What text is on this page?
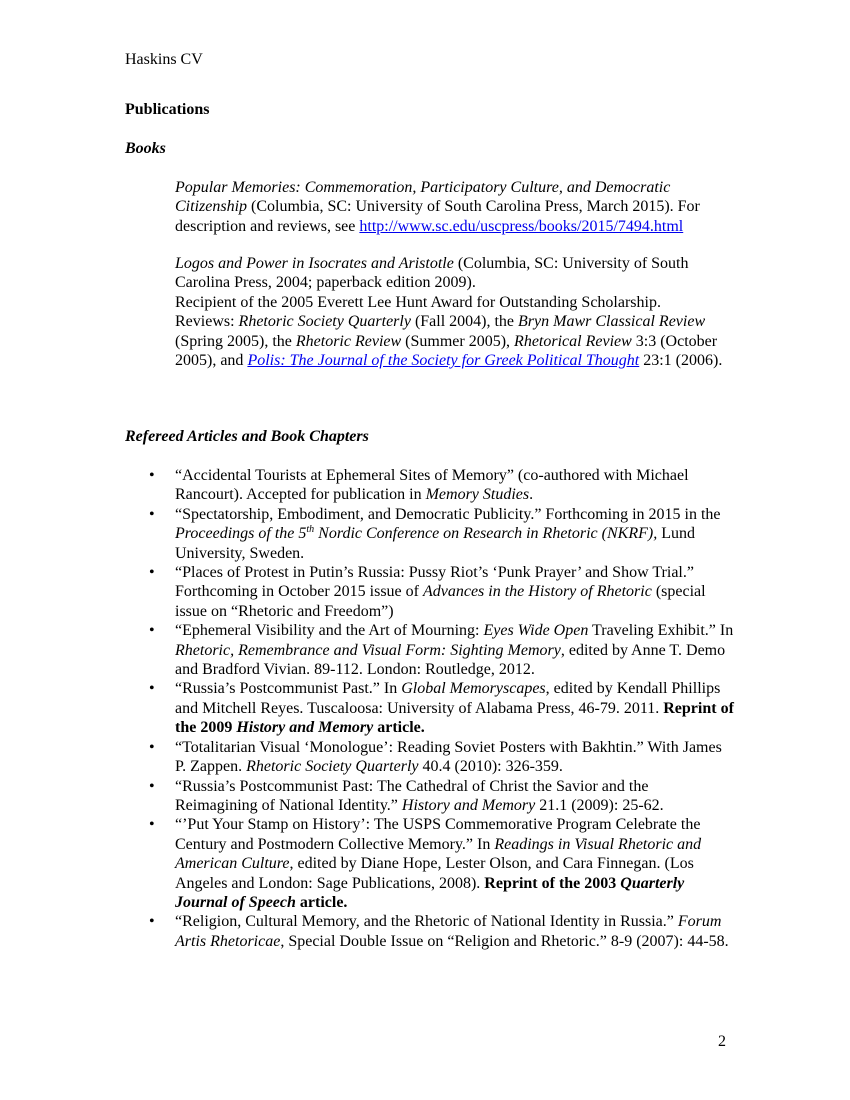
Haskins CV
Publications
Books
Popular Memories: Commemoration, Participatory Culture, and Democratic Citizenship (Columbia, SC: University of South Carolina Press, March 2015). For description and reviews, see http://www.sc.edu/uscpress/books/2015/7494.html
Logos and Power in Isocrates and Aristotle (Columbia, SC: University of South Carolina Press, 2004; paperback edition 2009).
Recipient of the 2005 Everett Lee Hunt Award for Outstanding Scholarship.
Reviews: Rhetoric Society Quarterly (Fall 2004), the Bryn Mawr Classical Review (Spring 2005), the Rhetoric Review (Summer 2005), Rhetorical Review 3:3 (October 2005), and Polis: The Journal of the Society for Greek Political Thought 23:1 (2006).
Refereed Articles and Book Chapters
• “Accidental Tourists at Ephemeral Sites of Memory” (co-authored with Michael Rancourt). Accepted for publication in Memory Studies.
• “Spectatorship, Embodiment, and Democratic Publicity.” Forthcoming in 2015 in the Proceedings of the 5th Nordic Conference on Research in Rhetoric (NKRF), Lund University, Sweden.
• “Places of Protest in Putin’s Russia: Pussy Riot’s ‘Punk Prayer’ and Show Trial.” Forthcoming in October 2015 issue of Advances in the History of Rhetoric (special issue on “Rhetoric and Freedom”)
• “Ephemeral Visibility and the Art of Mourning: Eyes Wide Open Traveling Exhibit.” In Rhetoric, Remembrance and Visual Form: Sighting Memory, edited by Anne T. Demo and Bradford Vivian. 89-112. London: Routledge, 2012.
• “Russia’s Postcommunist Past.” In Global Memoryscapes, edited by Kendall Phillips and Mitchell Reyes. Tuscaloosa: University of Alabama Press, 46-79. 2011. Reprint of the 2009 History and Memory article.
• “Totalitarian Visual ‘Monologue’: Reading Soviet Posters with Bakhtin.” With James P. Zappen. Rhetoric Society Quarterly 40.4 (2010): 326-359.
• “Russia’s Postcommunist Past: The Cathedral of Christ the Savior and the Reimagining of National Identity.” History and Memory 21.1 (2009): 25-62.
• “’Put Your Stamp on History’: The USPS Commemorative Program Celebrate the Century and Postmodern Collective Memory.” In Readings in Visual Rhetoric and American Culture, edited by Diane Hope, Lester Olson, and Cara Finnegan. (Los Angeles and London: Sage Publications, 2008). Reprint of the 2003 Quarterly Journal of Speech article.
• “Religion, Cultural Memory, and the Rhetoric of National Identity in Russia.” Forum Artis Rhetoricae, Special Double Issue on “Religion and Rhetoric.” 8-9 (2007): 44-58.
2
